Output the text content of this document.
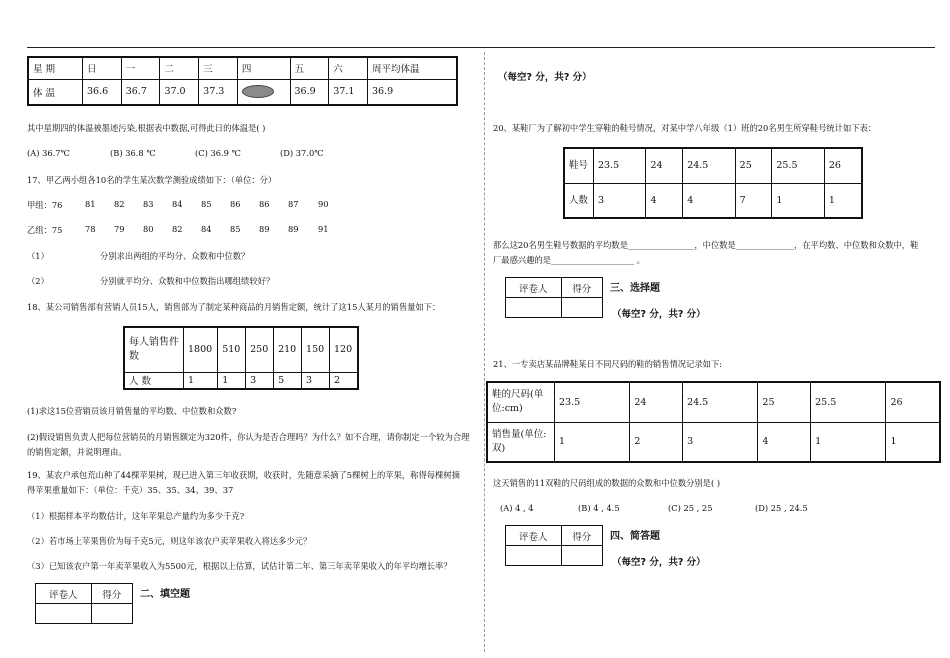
星 期	日	一	二	三	四	五	六	周平均体温
体 温	36.6	36.7	37.0	37.3		36.9	37.1	36.9
其中星期四的体温被墨迹污染,根据表中数据,可得此日的体温是( )
(A) 36.7℃	(B) 36.8 ℃	(C) 36.9 ℃	(D) 37.0℃
17、甲乙两小组各10名的学生某次数学测验成绩如下：（单位：分）
甲组：76	81 82 83 84 85 86 86 87 90
乙组：75	78 79 80 82 84 85 89 89 91
（1）	分别求出两组的平均分、众数和中位数？
（2）	分别就平均分、众数和中位数指出哪组绩较好？
18、某公司销售部有营销人员15人，销售部为了制定某种商品的月销售定额，统计了这15人某月的销售量如下：
每人销售件数	1800	510	250	210	150	120
人 数	1	1	3	5	3	2
(1)求这15位营销员该月销售量的平均数、中位数和众数?
(2)假设销售负责人把每位营销员的月销售额定为320件，你认为是否合理吗？为什么？如不合理，请你制定一个较为合理
的销售定额，并说明理由。
19、某农户承包荒山种了44棵苹果树，现已进入第三年收获期，收获时，先随意采摘了5棵树上的苹果，称得每棵树摘
得苹果重量如下：（单位：千克）35、35、34、39、37
（1）根据样本平均数估计，这年苹果总产量约为多少千克?
（2）若市场上苹果售价为每千克5元，则这年该农户卖苹果收入将达多少元？
（3）已知该农户第一年卖苹果收入为5500元，根据以上估算，试估计第二年、第三年卖苹果收入的年平均增长率？
评卷人	得分
	二、填空题
（每空? 分，共? 分）
20、某鞋厂为了解初中学生穿鞋的鞋号情况，对某中学八年级（1）班的20名男生所穿鞋号统计如下表：
鞋号	23.5	24	24.5	25	25.5	26
人数	3	4	4	7	1	1
那么这20名男生鞋号数据的平均数是________________，中位数是______________，在平均数、中位数和众数中，鞋
厂最感兴趣的是____________________ 。
评卷人	得分
	三、选择题
（每空? 分，共? 分）
21、一专卖店某品牌鞋某日不同尺码的鞋的销售情况记录如下:
鞋的尺码(单位:cm)	23.5	24	24.5	25	25.5	26
销售量(单位:双)	1	2	3	4	1	1
这天销售的11双鞋的尺码组成的数据的众数和中位数分别是( )
(A) 4 , 4	(B) 4 , 4.5	(C) 25 , 25	(D) 25 , 24.5
评卷人	得分
	四、简答题
（每空? 分，共? 分）
